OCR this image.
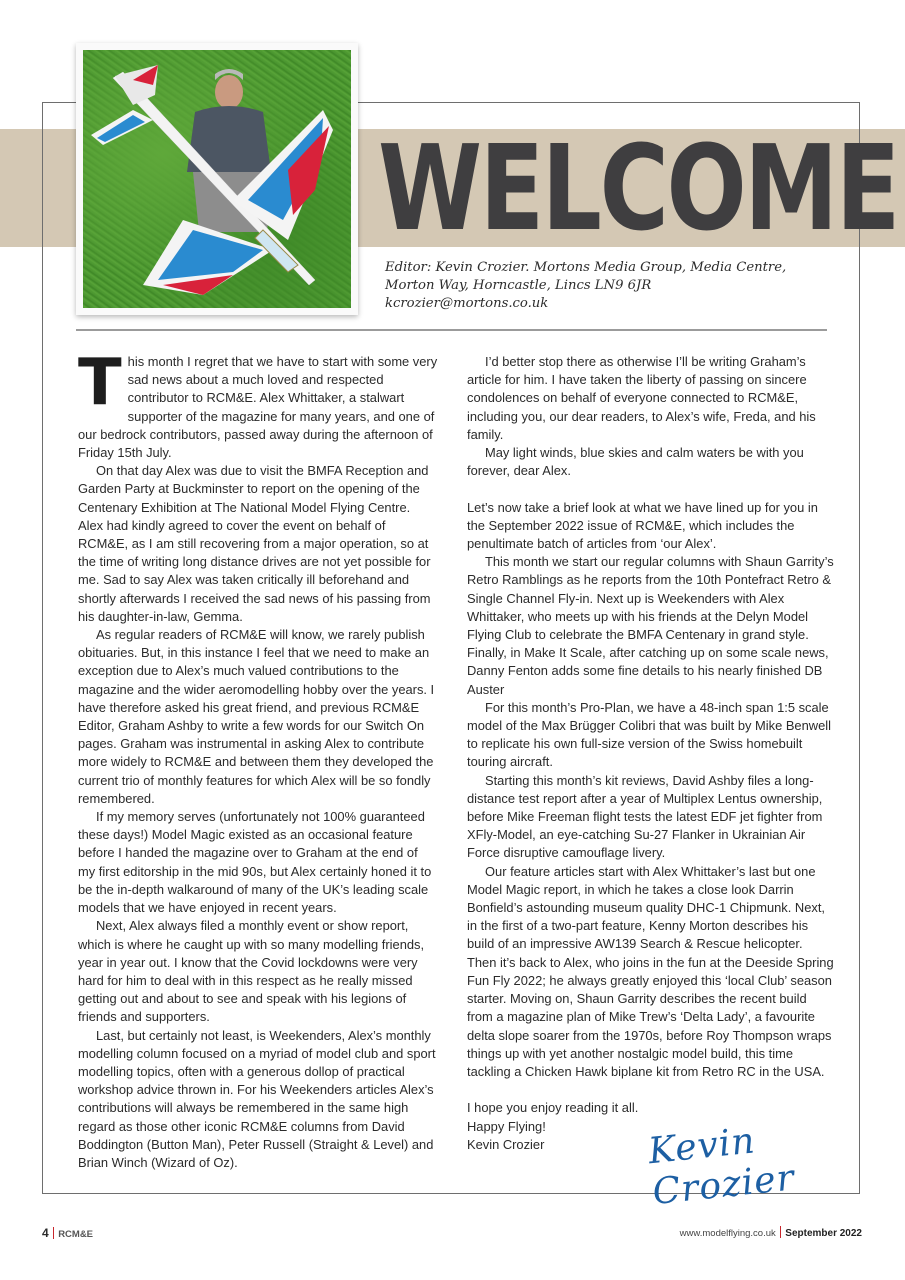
WELCOME
Editor: Kevin Crozier. Mortons Media Group, Media Centre,
Morton Way, Horncastle, Lincs LN9 6JR
kcrozier@mortons.co.uk

This month I regret that we have to start with some very sad news about a much loved and respected contributor to RCM&E. Alex Whittaker, a stalwart supporter of the magazine for many years, and one of our bedrock contributors, passed away during the afternoon of Friday 15th July.

On that day Alex was due to visit the BMFA Reception and Garden Party at Buckminster to report on the opening of the Centenary Exhibition at The National Model Flying Centre. Alex had kindly agreed to cover the event on behalf of RCM&E, as I am still recovering from a major operation, so at the time of writing long distance drives are not yet possible for me. Sad to say Alex was taken critically ill beforehand and shortly afterwards I received the sad news of his passing from his daughter-in-law, Gemma.

As regular readers of RCM&E will know, we rarely publish obituaries. But, in this instance I feel that we need to make an exception due to Alex’s much valued contributions to the magazine and the wider aeromodelling hobby over the years. I have therefore asked his great friend, and previous RCM&E Editor, Graham Ashby to write a few words for our Switch On pages. Graham was instrumental in asking Alex to contribute more widely to RCM&E and between them they developed the current trio of monthly features for which Alex will be so fondly remembered.

If my memory serves (unfortunately not 100% guaranteed these days!) Model Magic existed as an occasional feature before I handed the magazine over to Graham at the end of my first editorship in the mid 90s, but Alex certainly honed it to be the in-depth walkaround of many of the UK’s leading scale models that we have enjoyed in recent years.

Next, Alex always filed a monthly event or show report, which is where he caught up with so many modelling friends, year in year out. I know that the Covid lockdowns were very hard for him to deal with in this respect as he really missed getting out and about to see and speak with his legions of friends and supporters.

Last, but certainly not least, is Weekenders, Alex’s monthly modelling column focused on a myriad of model club and sport modelling topics, often with a generous dollop of practical workshop advice thrown in. For his Weekenders articles Alex’s contributions will always be remembered in the same high regard as those other iconic RCM&E columns from David Boddington (Button Man), Peter Russell (Straight & Level) and Brian Winch (Wizard of Oz).

I’d better stop there as otherwise I’ll be writing Graham’s article for him. I have taken the liberty of passing on sincere condolences on behalf of everyone connected to RCM&E, including you, our dear readers, to Alex’s wife, Freda, and his family.

May light winds, blue skies and calm waters be with you forever, dear Alex.

Let’s now take a brief look at what we have lined up for you in the September 2022 issue of RCM&E, which includes the penultimate batch of articles from ‘our Alex’.

This month we start our regular columns with Shaun Garrity’s Retro Ramblings as he reports from the 10th Pontefract Retro & Single Channel Fly-in. Next up is Weekenders with Alex Whittaker, who meets up with his friends at the Delyn Model Flying Club to celebrate the BMFA Centenary in grand style. Finally, in Make It Scale, after catching up on some scale news, Danny Fenton adds some fine details to his nearly finished DB Auster

For this month’s Pro-Plan, we have a 48-inch span 1:5 scale model of the Max Brügger Colibri that was built by Mike Benwell to replicate his own full-size version of the Swiss homebuilt touring aircraft.

Starting this month’s kit reviews, David Ashby files a long-distance test report after a year of Multiplex Lentus ownership, before Mike Freeman flight tests the latest EDF jet fighter from XFly-Model, an eye-catching Su-27 Flanker in Ukrainian Air Force disruptive camouflage livery.

Our feature articles start with Alex Whittaker’s last but one Model Magic report, in which he takes a close look Darrin Bonfield’s astounding museum quality DHC-1 Chipmunk. Next, in the first of a two-part feature, Kenny Morton describes his build of an impressive AW139 Search & Rescue helicopter. Then it’s back to Alex, who joins in the fun at the Deeside Spring Fun Fly 2022; he always greatly enjoyed this ‘local Club’ season starter. Moving on, Shaun Garrity describes the recent build from a magazine plan of Mike Trew’s ‘Delta Lady’, a favourite delta slope soarer from the 1970s, before Roy Thompson wraps things up with yet another nostalgic model build, this time tackling a Chicken Hawk biplane kit from Retro RC in the USA.

I hope you enjoy reading it all.

Happy Flying!

Kevin Crozier	Kevin Crozier
4 RCM&E	www.modelflying.co.uk September 2022
